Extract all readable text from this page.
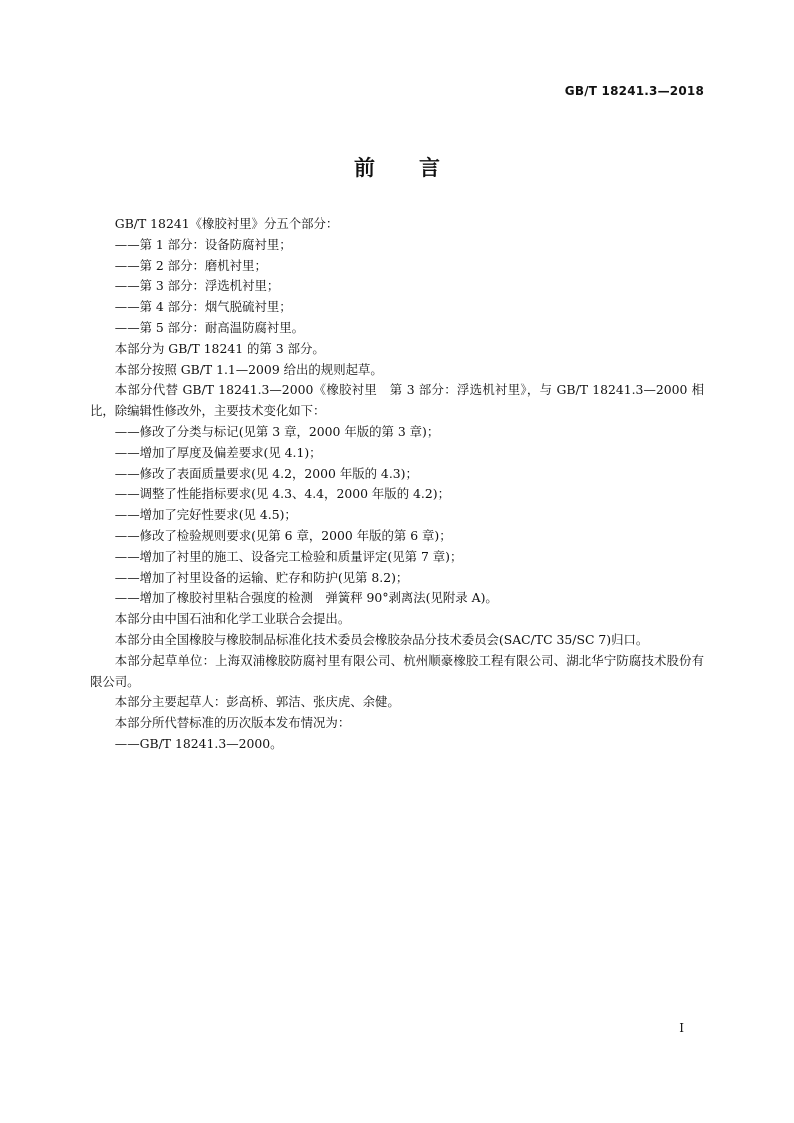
GB/T 18241.3—2018
前言

GB/T 18241《橡胶衬里》分五个部分：

——第 1 部分：设备防腐衬里；

——第 2 部分：磨机衬里；

——第 3 部分：浮选机衬里；

——第 4 部分：烟气脱硫衬里；

——第 5 部分：耐高温防腐衬里。

本部分为 GB/T 18241 的第 3 部分。

本部分按照 GB/T 1.1—2009 给出的规则起草。

本部分代替 GB/T 18241.3—2000《橡胶衬里　第 3 部分：浮选机衬里》，与 GB/T 18241.3—2000 相比，除编辑性修改外，主要技术变化如下：

——修改了分类与标记(见第 3 章，2000 年版的第 3 章)；

——增加了厚度及偏差要求(见 4.1)；

——修改了表面质量要求(见 4.2，2000 年版的 4.3)；

——调整了性能指标要求(见 4.3、4.4，2000 年版的 4.2)；

——增加了完好性要求(见 4.5)；

——修改了检验规则要求(见第 6 章，2000 年版的第 6 章)；

——增加了衬里的施工、设备完工检验和质量评定(见第 7 章)；

——增加了衬里设备的运输、贮存和防护(见第 8.2)；

——增加了橡胶衬里粘合强度的检测　弹簧秤 90°剥离法(见附录 A)。

本部分由中国石油和化学工业联合会提出。

本部分由全国橡胶与橡胶制品标准化技术委员会橡胶杂品分技术委员会(SAC/TC 35/SC 7)归口。

本部分起草单位：上海双浦橡胶防腐衬里有限公司、杭州顺豪橡胶工程有限公司、湖北华宁防腐技术股份有限公司。

本部分主要起草人：彭高桥、郭洁、张庆虎、余健。

本部分所代替标准的历次版本发布情况为：

——GB/T 18241.3—2000。

I
